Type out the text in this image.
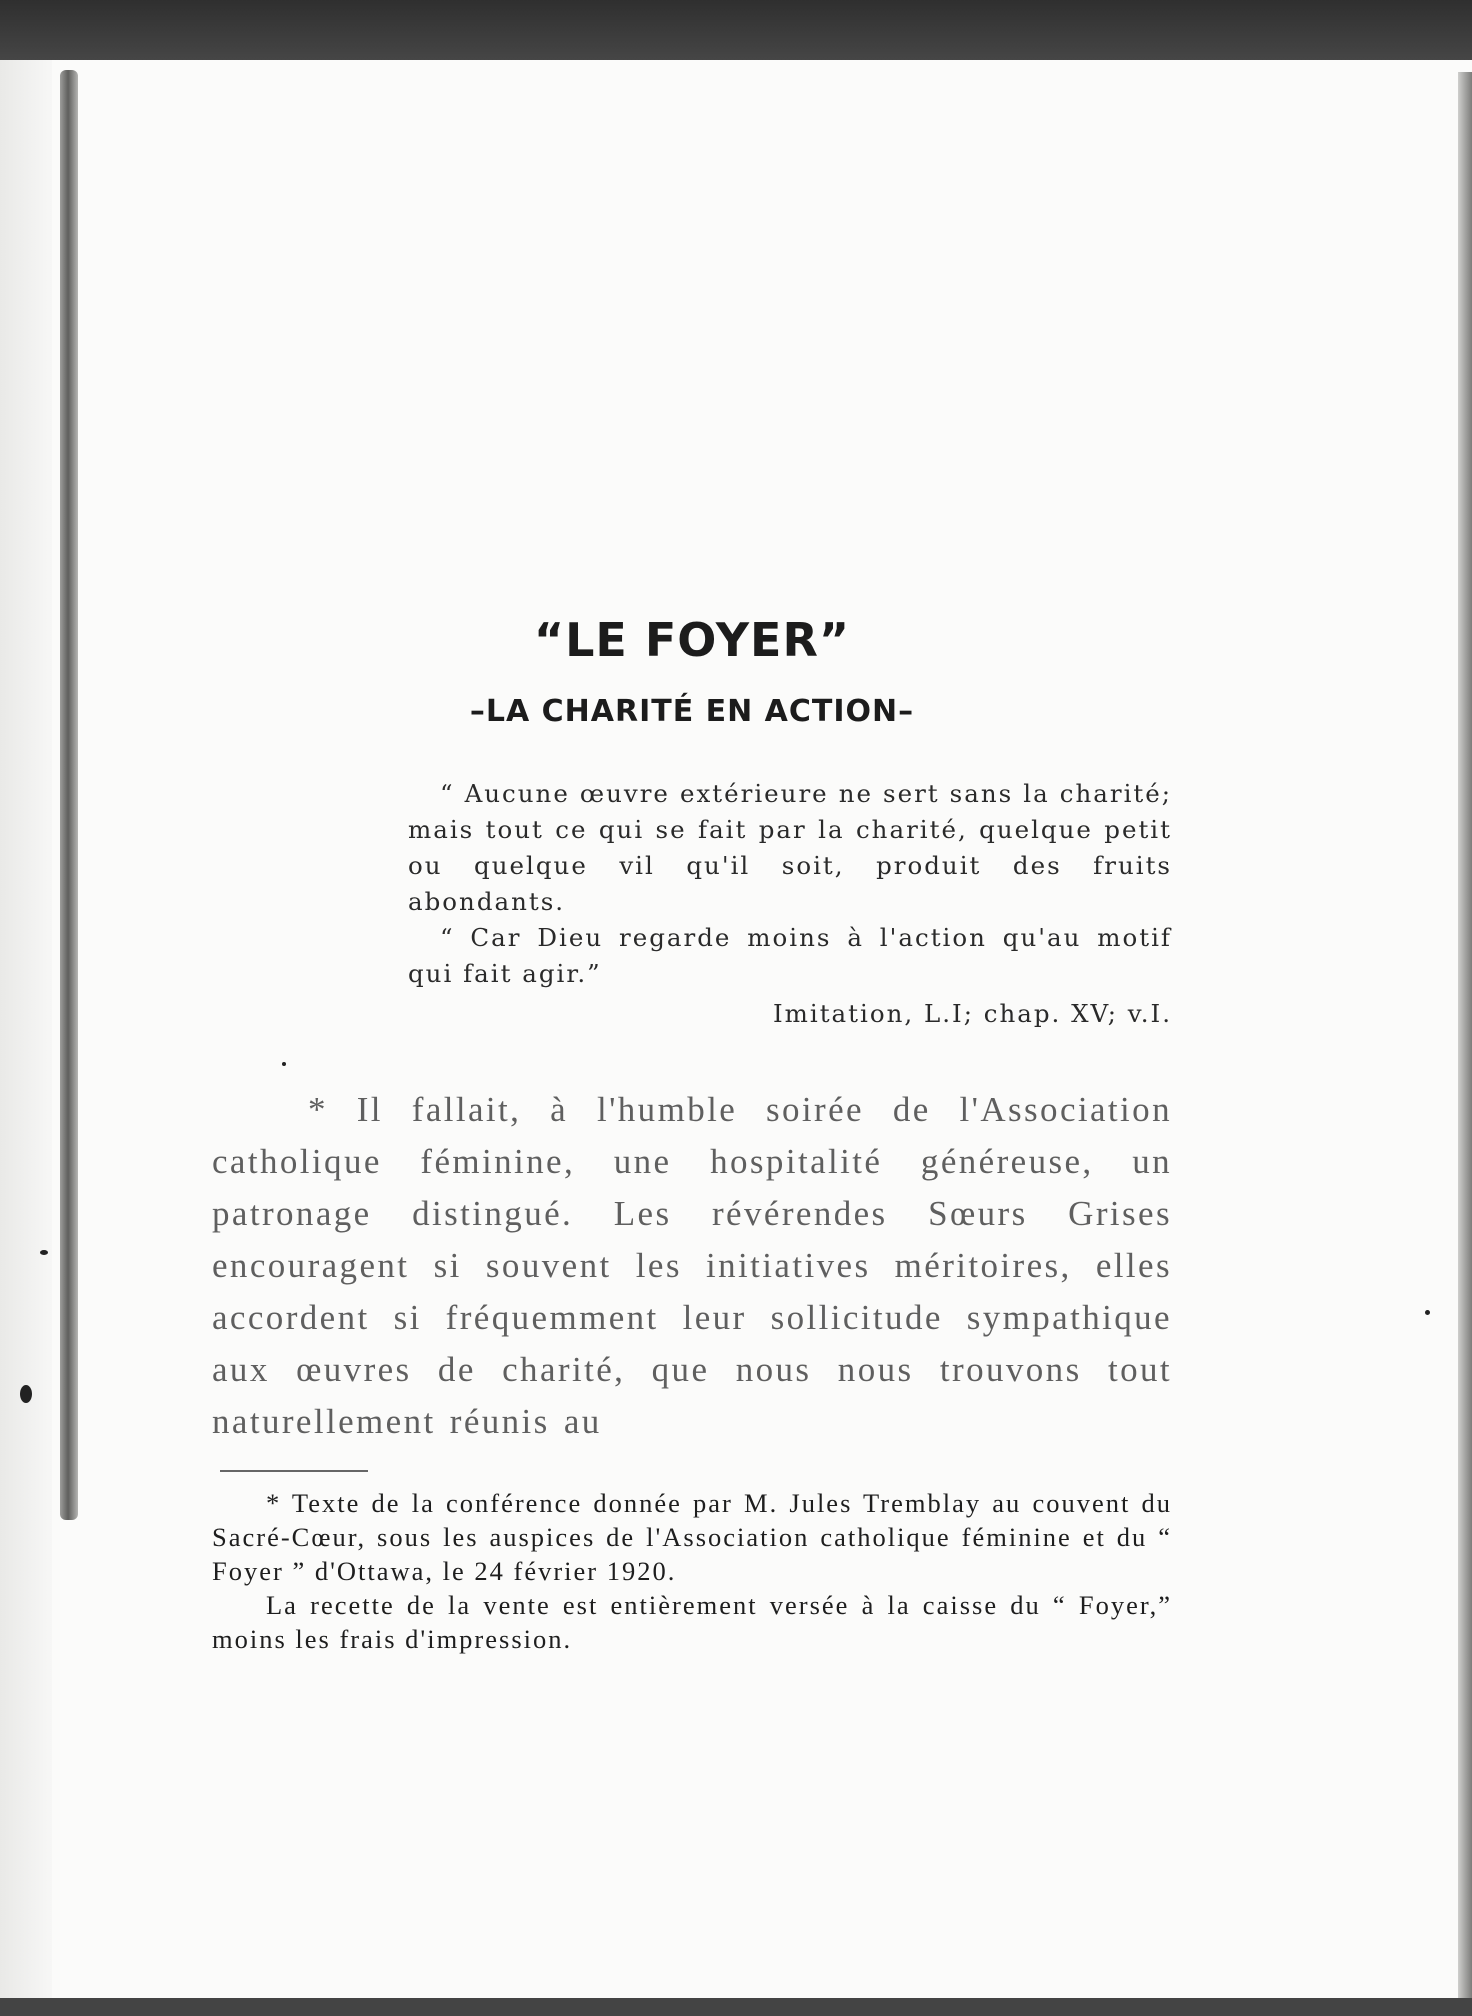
“LE FOYER”
–LA CHARITÉ EN ACTION–

“ Aucune œuvre extérieure ne sert sans la charité; mais tout ce qui se fait par la charité, quelque petit ou quelque vil qu'il soit, produit des fruits abondants.

“ Car Dieu regarde moins à l'action qu'au motif qui fait agir.”

Imitation, L.I; chap. XV; v.I.

* Il fallait, à l'humble soirée de l'Association catholique féminine, une hospitalité généreuse, un patronage distingué. Les révérendes Sœurs Grises encouragent si souvent les initiatives méritoires, elles accordent si fréquemment leur sollicitude sympathique aux œuvres de charité, que nous nous trouvons tout naturellement réunis au

* Texte de la conférence donnée par M. Jules Tremblay au couvent du Sacré-Cœur, sous les auspices de l'Association catholique féminine et du “ Foyer ” d'Ottawa, le 24 février 1920.

La recette de la vente est entièrement versée à la caisse du “ Foyer,” moins les frais d'impression.
